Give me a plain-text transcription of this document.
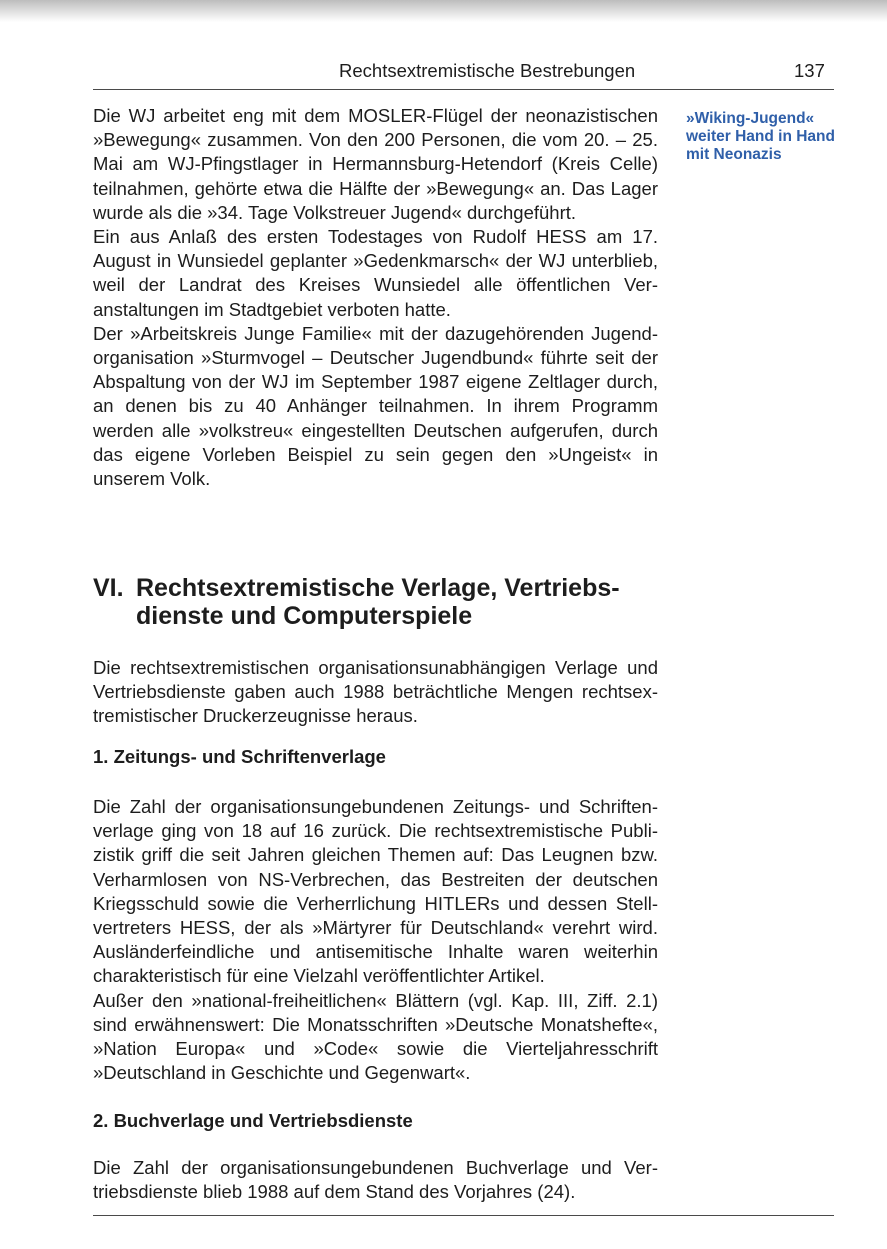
Rechtsextremistische Bestrebungen	137

Die WJ arbeitet eng mit dem MOSLER-Flügel der neonazistischen »Bewegung« zusammen. Von den 200 Personen, die vom 20. – 25. Mai am WJ-Pfingstlager in Hermannsburg-Hetendorf (Kreis Celle) teilnahmen, gehörte etwa die Hälfte der »Bewegung« an. Das Lager wurde als die »34. Tage Volkstreuer Jugend« durchgeführt.

Ein aus Anlaß des ersten Todestages von Rudolf HESS am 17. August in Wunsiedel geplanter »Gedenkmarsch« der WJ unterblieb, weil der Landrat des Kreises Wunsiedel alle öffentlichen Veranstaltungen im Stadtgebiet verboten hatte.

Der »Arbeitskreis Junge Familie« mit der dazugehörenden Jugendorganisation »Sturmvogel – Deutscher Jugendbund« führte seit der Abspaltung von der WJ im September 1987 eigene Zeltlager durch, an denen bis zu 40 Anhänger teilnahmen. In ihrem Programm werden alle »volkstreu« eingestellten Deutschen aufgerufen, durch das eigene Vorleben Beispiel zu sein gegen den »Ungeist« in unserem Volk.

»Wiking-Jugend« weiter Hand in Hand mit Neonazis
VI. Rechtsextremistische Verlage, Vertriebsdienste und Computerspiele

Die rechtsextremistischen organisationsunabhängigen Verlage und Vertriebsdienste gaben auch 1988 beträchtliche Mengen rechtsextremistischer Druckerzeugnisse heraus.

1. Zeitungs- und Schriftenverlage

Die Zahl der organisationsungebundenen Zeitungs- und Schriftenverlage ging von 18 auf 16 zurück. Die rechtsextremistische Publizistik griff die seit Jahren gleichen Themen auf: Das Leugnen bzw. Verharmlosen von NS-Verbrechen, das Bestreiten der deutschen Kriegsschuld sowie die Verherrlichung HITLERs und dessen Stellvertreters HESS, der als »Märtyrer für Deutschland« verehrt wird. Ausländerfeindliche und antisemitische Inhalte waren weiterhin charakteristisch für eine Vielzahl veröffentlichter Artikel.

Außer den »national-freiheitlichen« Blättern (vgl. Kap. III, Ziff. 2.1) sind erwähnenswert: Die Monatsschriften »Deutsche Monatshefte«, »Nation Europa« und »Code« sowie die Vierteljahresschrift »Deutschland in Geschichte und Gegenwart«.

2. Buchverlage und Vertriebsdienste

Die Zahl der organisationsungebundenen Buchverlage und Vertriebsdienste blieb 1988 auf dem Stand des Vorjahres (24).
